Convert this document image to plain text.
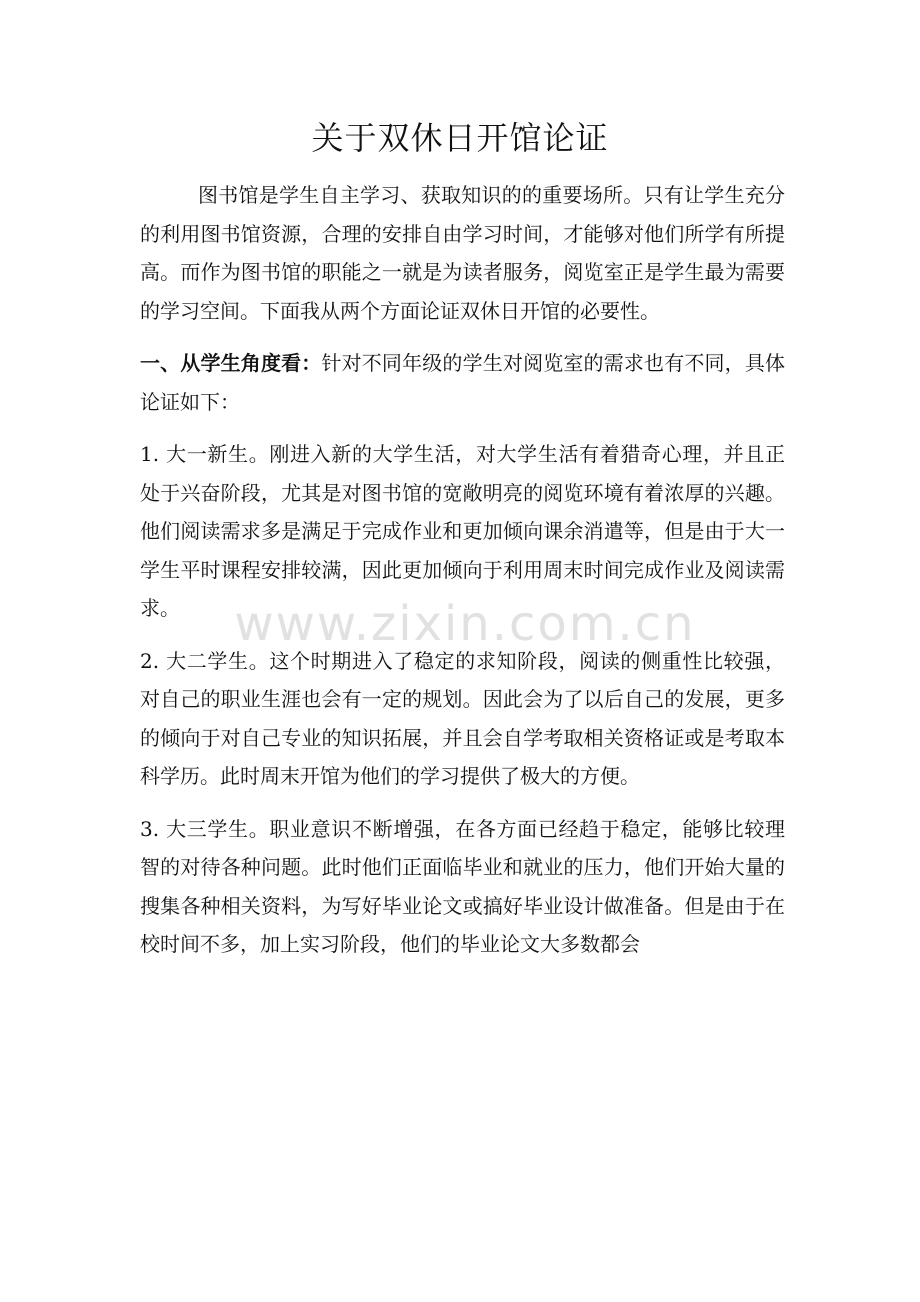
关于双休日开馆论证
www.zixin.com.cn

图书馆是学生自主学习、获取知识的的重要场所。只有让学生充分的利用图书馆资源，合理的安排自由学习时间，才能够对他们所学有所提高。而作为图书馆的职能之一就是为读者服务，阅览室正是学生最为需要的学习空间。下面我从两个方面论证双休日开馆的必要性。

一、从学生角度看：针对不同年级的学生对阅览室的需求也有不同，具体论证如下：

1. 大一新生。刚进入新的大学生活，对大学生活有着猎奇心理，并且正处于兴奋阶段，尤其是对图书馆的宽敞明亮的阅览环境有着浓厚的兴趣。他们阅读需求多是满足于完成作业和更加倾向课余消遣等，但是由于大一学生平时课程安排较满，因此更加倾向于利用周末时间完成作业及阅读需求。

2. 大二学生。这个时期进入了稳定的求知阶段，阅读的侧重性比较强，对自己的职业生涯也会有一定的规划。因此会为了以后自己的发展，更多的倾向于对自己专业的知识拓展，并且会自学考取相关资格证或是考取本科学历。此时周末开馆为他们的学习提供了极大的方便。

3. 大三学生。职业意识不断增强，在各方面已经趋于稳定，能够比较理智的对待各种问题。此时他们正面临毕业和就业的压力，他们开始大量的搜集各种相关资料，为写好毕业论文或搞好毕业设计做准备。但是由于在校时间不多，加上实习阶段，他们的毕业论文大多数都会
